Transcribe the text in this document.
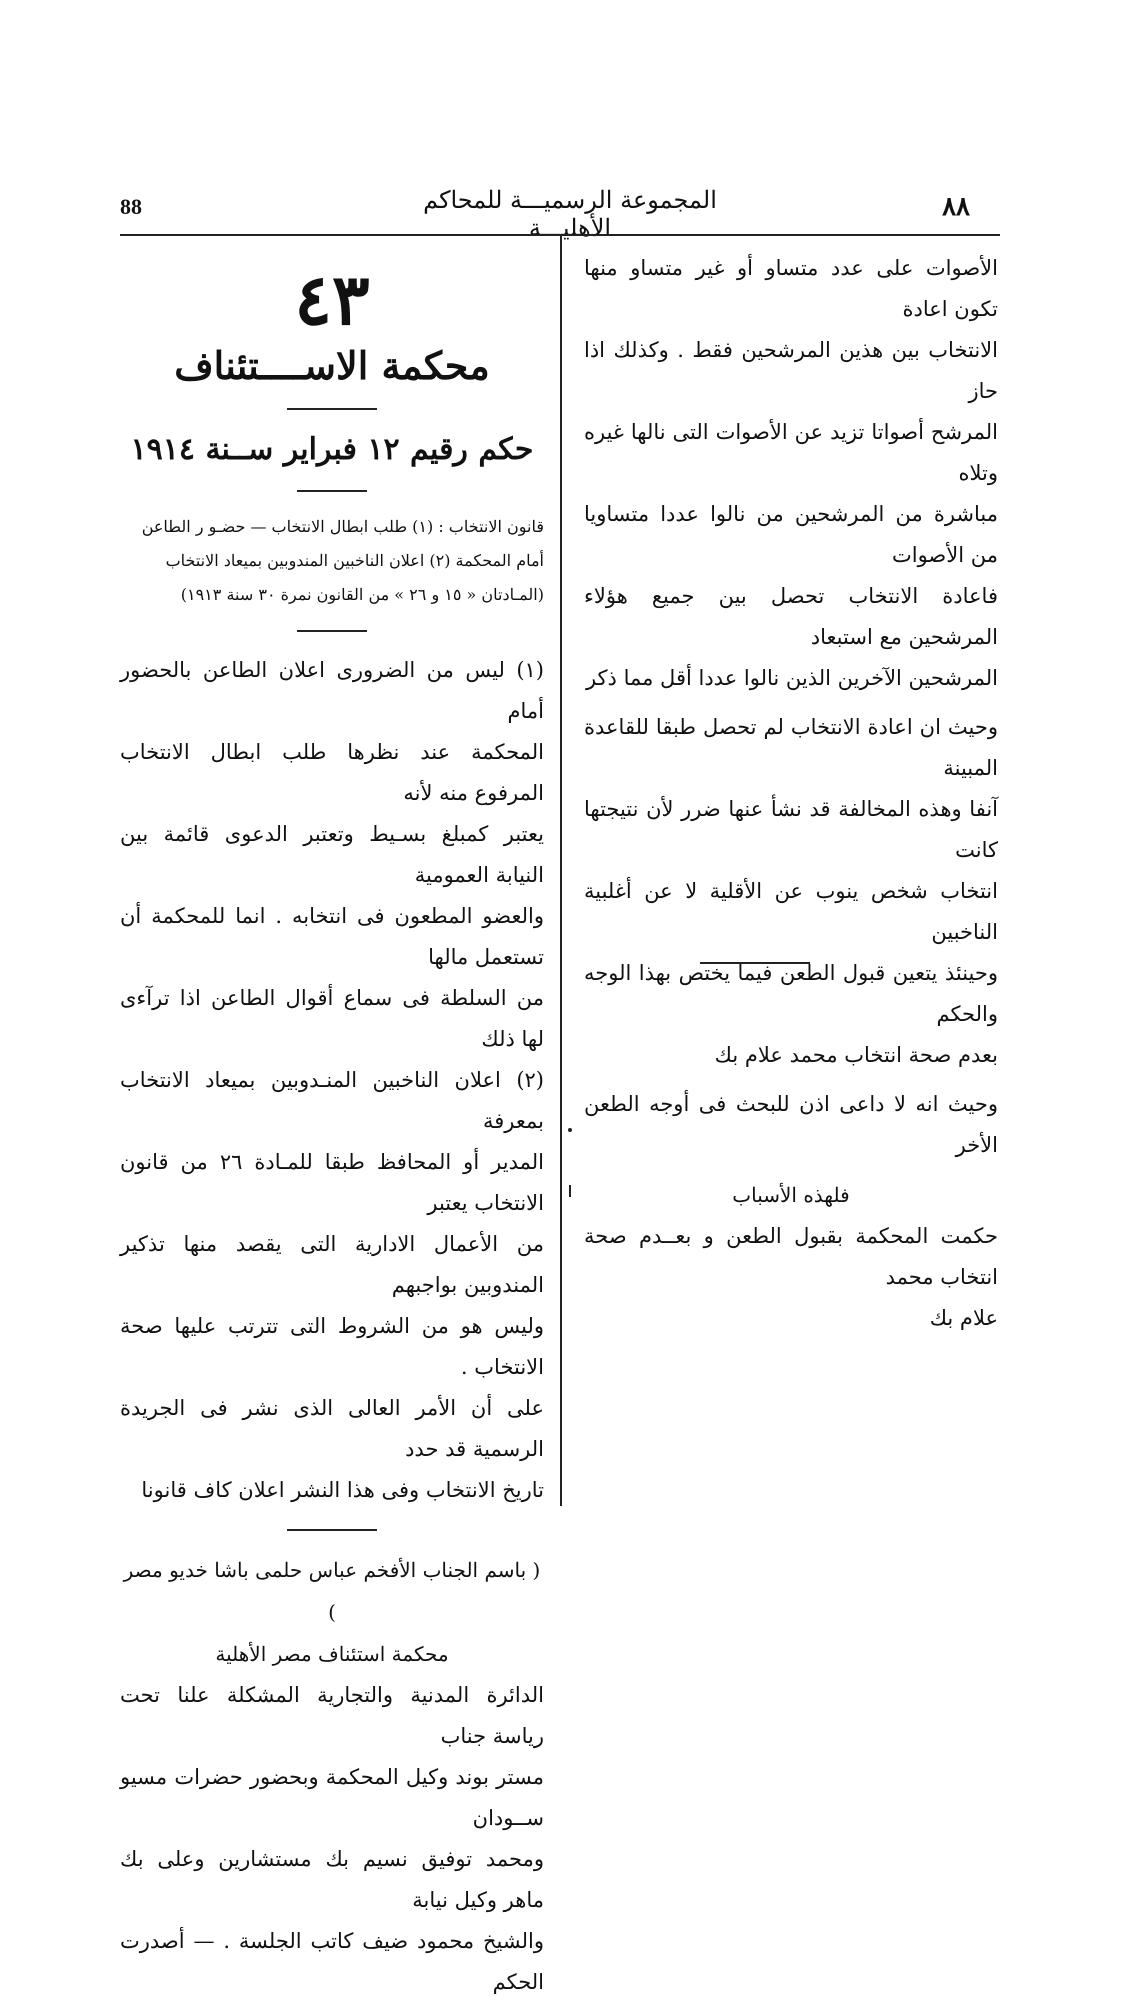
٨٨
المجموعة الرسميـــة للمحاكم الأهليـــة
88

الأصوات على عدد متساو أو غير متساو منها تكون اعادة

الانتخاب بين هذين المرشحين فقط . وكذلك اذا حاز

المرشح أصواتا تزيد عن الأصوات التى نالها غيره وتلاه

مباشرة من المرشحين من نالوا عددا متساويا من الأصوات

فاعادة الانتخاب تحصل بين جميع هؤلاء المرشحين مع استبعاد

المرشحين الآخرين الذين نالوا عددا أقل مما ذكر

وحيث ان اعادة الانتخاب لم تحصل طبقا للقاعدة المبينة

آنفا وهذه المخالفة قد نشأ عنها ضرر لأن نتيجتها كانت

انتخاب شخص ينوب عن الأقلية لا عن أغلبية الناخبين

وحينئذ يتعين قبول الطعن فيما يختص بهذا الوجه والحكم

بعدم صحة انتخاب محمد علام بك

وحيث انه لا داعى اذن للبحث فى أوجه الطعن الأخر

فلهذه الأسباب

حكمت المحكمة بقبول الطعن و بعــدم صحة انتخاب محمد

علام بك

٤٣
محكمة الاســــتئناف
حكم رقيم ١٢ فبراير ســنة ١٩١٤

قانون الانتخاب : (١) طلب ابطال الانتخاب — حضـو ر الطاعن

أمام المحكمة (٢) اعلان الناخبين المندوبين بميعاد الانتخاب

(المـادتان « ١٥ و ٢٦ » من القانون نمرة ٣٠ سنة ١٩١٣)

(١) ليس من الضرورى اعلان الطاعن بالحضور أمام

المحكمة عند نظرها طلب ابطال الانتخاب المرفوع منه لأنه

يعتبر كمبلغ بسـيط وتعتبر الدعوى قائمة بين النيابة العمومية

والعضو المطعون فى انتخابه . انما للمحكمة أن تستعمل مالها

من السلطة فى سماع أقوال الطاعن اذا ترآءى لها ذلك

(٢) اعلان الناخبين المنـدوبين بميعاد الانتخاب بمعرفة

المدير أو المحافظ طبقا للمـادة ٢٦ من قانون الانتخاب يعتبر

من الأعمال الادارية التى يقصد منها تذكير المندوبين بواجبهم

وليس هو من الشروط التى تترتب عليها صحة الانتخاب .

على أن الأمر العالى الذى نشر فى الجريدة الرسمية قد حدد

تاريخ الانتخاب وفى هذا النشر اعلان كاف قانونا

( باسم الجناب الأفخم عباس حلمى باشا خديو مصر )

محكمة استئناف مصر الأهلية

الدائرة المدنية والتجارية المشكلة علنا تحت رياسة جناب

مستر بوند وكيل المحكمة وبحضور حضرات مسيو ســودان

ومحمد توفيق نسيم بك مستشارين وعلى بك ماهر وكيل نيابة

والشيخ محمود ضيف كاتب الجلسة . — أصدرت الحكم
